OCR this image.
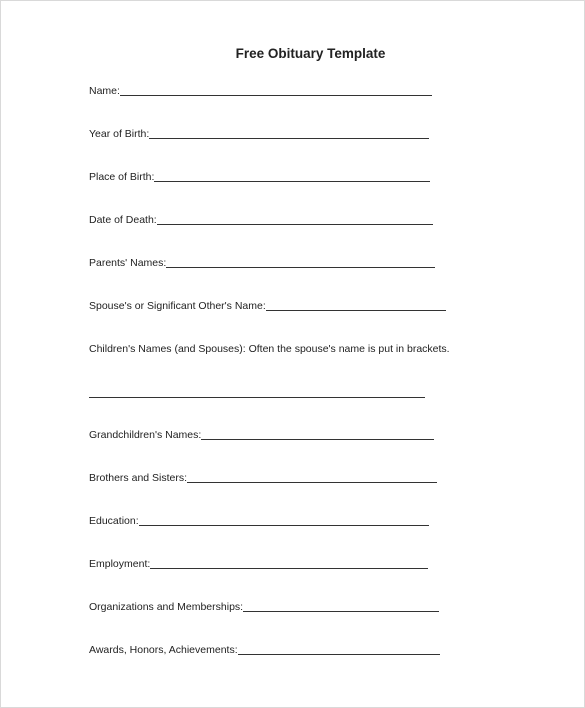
Free Obituary Template
Name:
Year of Birth:
Place of Birth:
Date of Death:
Parents' Names:
Spouse's or Significant Other's Name:
Children's Names (and Spouses): Often the spouse's name is put in brackets.
Grandchildren's Names:
Brothers and Sisters:
Education:
Employment:
Organizations and Memberships:
Awards, Honors, Achievements:
